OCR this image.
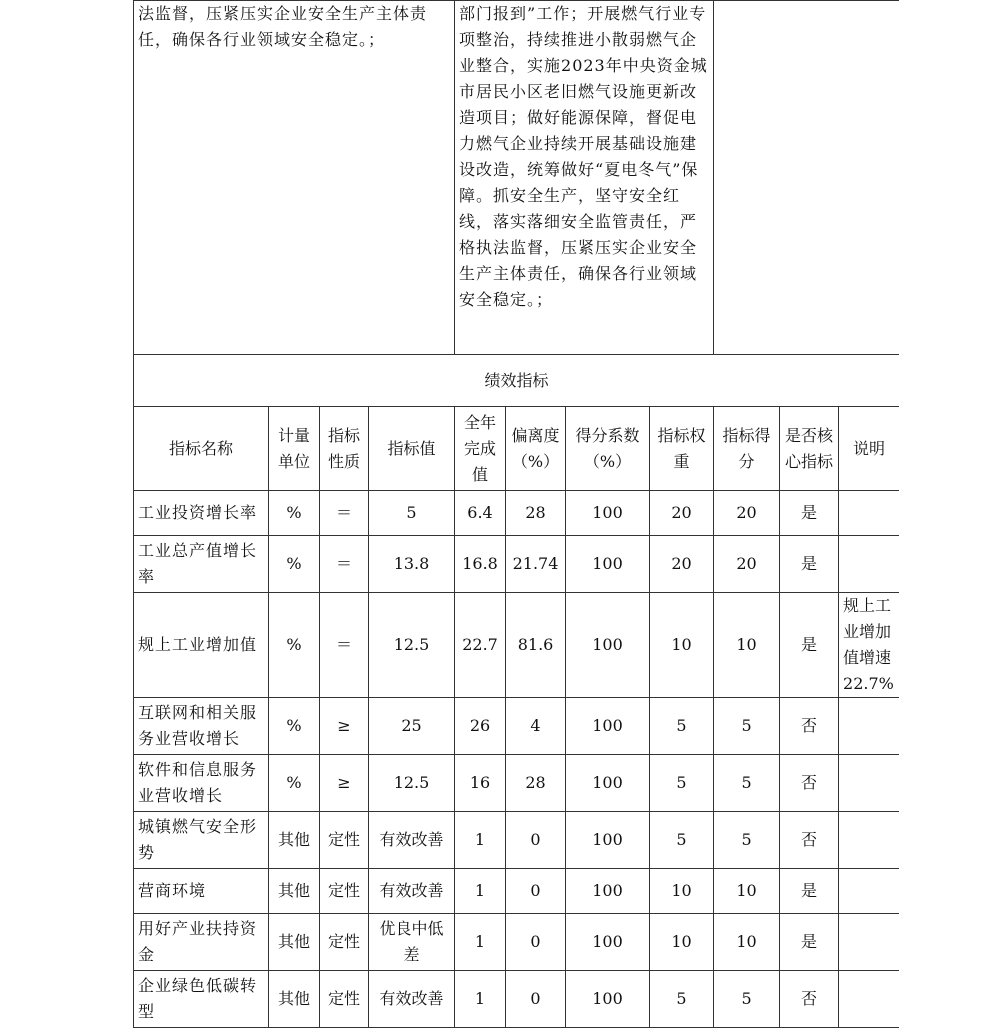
法监督，压紧压实企业安全生产主体责任，确保各行业领域安全稳定。；				部门报到”工作；开展燃气行业专项整治，持续推进小散弱燃气企业整合，实施2023年中央资金城市居民小区老旧燃气设施更新改造项目；做好能源保障，督促电力燃气企业持续开展基础设施建设改造，统筹做好“夏电冬气”保障。抓安全生产，坚守安全红线，落实落细安全监管责任，严格执法监督，压紧压实企业安全生产主体责任，确保各行业领域安全稳定。；						
绩效指标										
指标名称	计量单位	指标性质	指标值	全年完成值	偏离度（%）	得分系数（%）	指标权重	指标得分	是否核心指标	说明
工业投资增长率	%	＝	5	6.4	28	100	20	20	是	
工业总产值增长率	%	＝	13.8	16.8	21.74	100	20	20	是	
规上工业增加值	%	＝	12.5	22.7	81.6	100	10	10	是	规上工业增加值增速22.7%
互联网和相关服务业营收增长	%	≥	25	26	4	100	5	5	否	
软件和信息服务业营收增长	%	≥	12.5	16	28	100	5	5	否	
城镇燃气安全形势	其他	定性	有效改善	1	0	100	5	5	否	
营商环境	其他	定性	有效改善	1	0	100	10	10	是	
用好产业扶持资金	其他	定性	优良中低差	1	0	100	10	10	是	
企业绿色低碳转型	其他	定性	有效改善	1	0	100	5	5	否	
